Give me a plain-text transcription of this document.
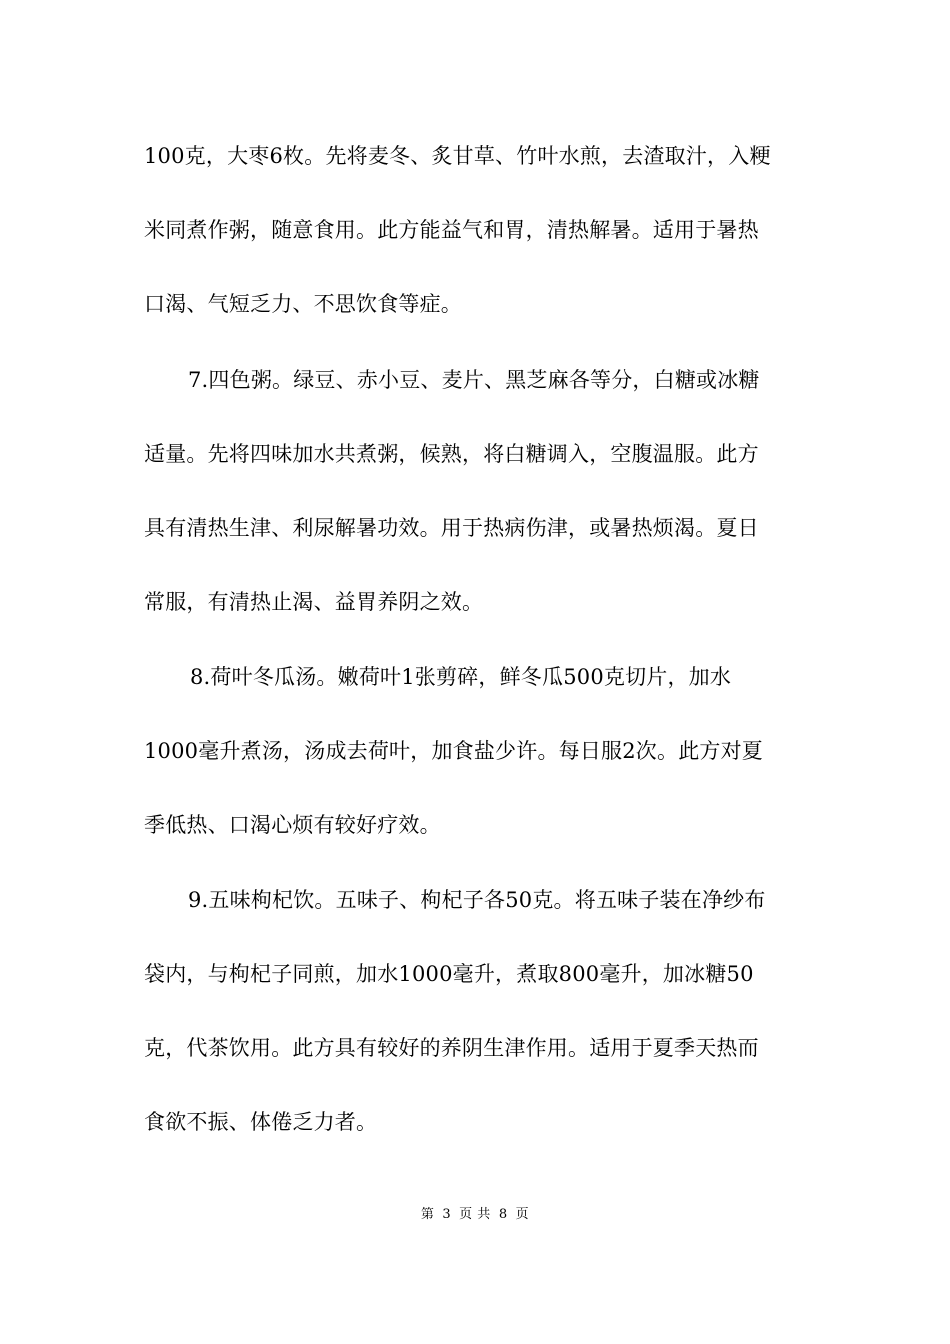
100克，大枣6枚。先将麦冬、炙甘草、竹叶水煎，去渣取汁，入粳
米同煮作粥，随意食用。此方能益气和胃，清热解暑。适用于暑热
口渴、气短乏力、不思饮食等症。
7.四色粥。绿豆、赤小豆、麦片、黑芝麻各等分，白糖或冰糖
适量。先将四味加水共煮粥，候熟，将白糖调入，空腹温服。此方
具有清热生津、利尿解暑功效。用于热病伤津，或暑热烦渴。夏日
常服，有清热止渴、益胃养阴之效。
8.荷叶冬瓜汤。嫩荷叶1张剪碎，鲜冬瓜500克切片，加水
1000毫升煮汤，汤成去荷叶，加食盐少许。每日服2次。此方对夏
季低热、口渴心烦有较好疗效。
9.五味枸杞饮。五味子、枸杞子各50克。将五味子装在净纱布
袋内，与枸杞子同煎，加水1000毫升，煮取800毫升，加冰糖50
克，代茶饮用。此方具有较好的养阴生津作用。适用于夏季天热而
食欲不振、体倦乏力者。
第 3 页 共 8 页
